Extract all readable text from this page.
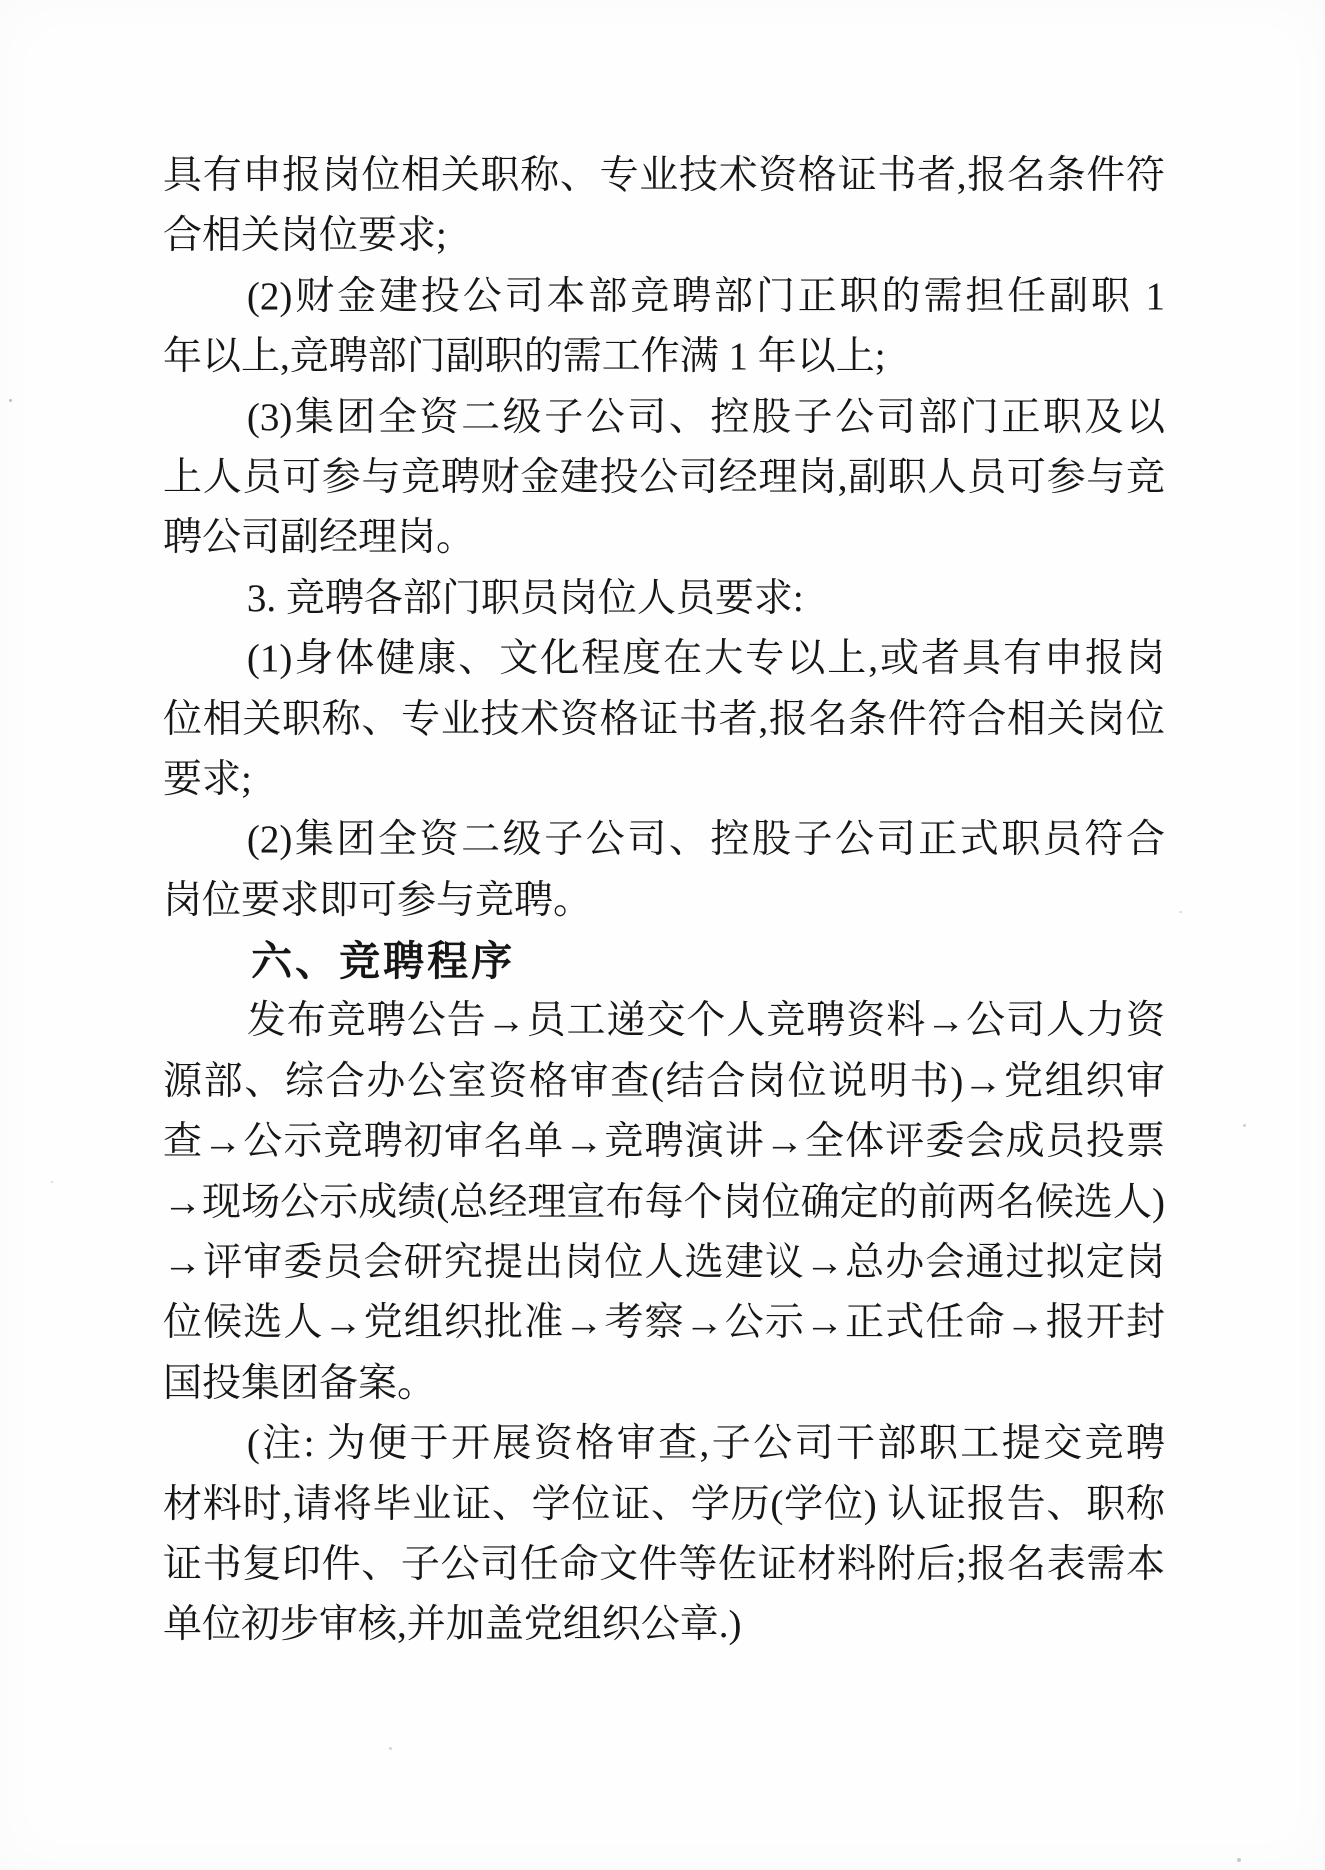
具有申报岗位相关职称、专业技术资格证书者,报名条件符
合相关岗位要求;
(2)财金建投公司本部竞聘部门正职的需担任副职 1
年以上,竞聘部门副职的需工作满 1 年以上;
(3)集团全资二级子公司、控股子公司部门正职及以
上人员可参与竞聘财金建投公司经理岗,副职人员可参与竞
聘公司副经理岗。
3. 竞聘各部门职员岗位人员要求:
(1)身体健康、文化程度在大专以上,或者具有申报岗
位相关职称、专业技术资格证书者,报名条件符合相关岗位
要求;
(2)集团全资二级子公司、控股子公司正式职员符合
岗位要求即可参与竞聘。
六、竞聘程序
发布竞聘公告→员工递交个人竞聘资料→公司人力资
源部、综合办公室资格审查(结合岗位说明书)→党组织审
查→公示竞聘初审名单→竞聘演讲→全体评委会成员投票
→现场公示成绩(总经理宣布每个岗位确定的前两名候选人)
→评审委员会研究提出岗位人选建议→总办会通过拟定岗
位候选人→党组织批准→考察→公示→正式任命→报开封
国投集团备案。
(注: 为便于开展资格审查,子公司干部职工提交竞聘
材料时,请将毕业证、学位证、学历(学位) 认证报告、职称
证书复印件、子公司任命文件等佐证材料附后;报名表需本
单位初步审核,并加盖党组织公章.)
